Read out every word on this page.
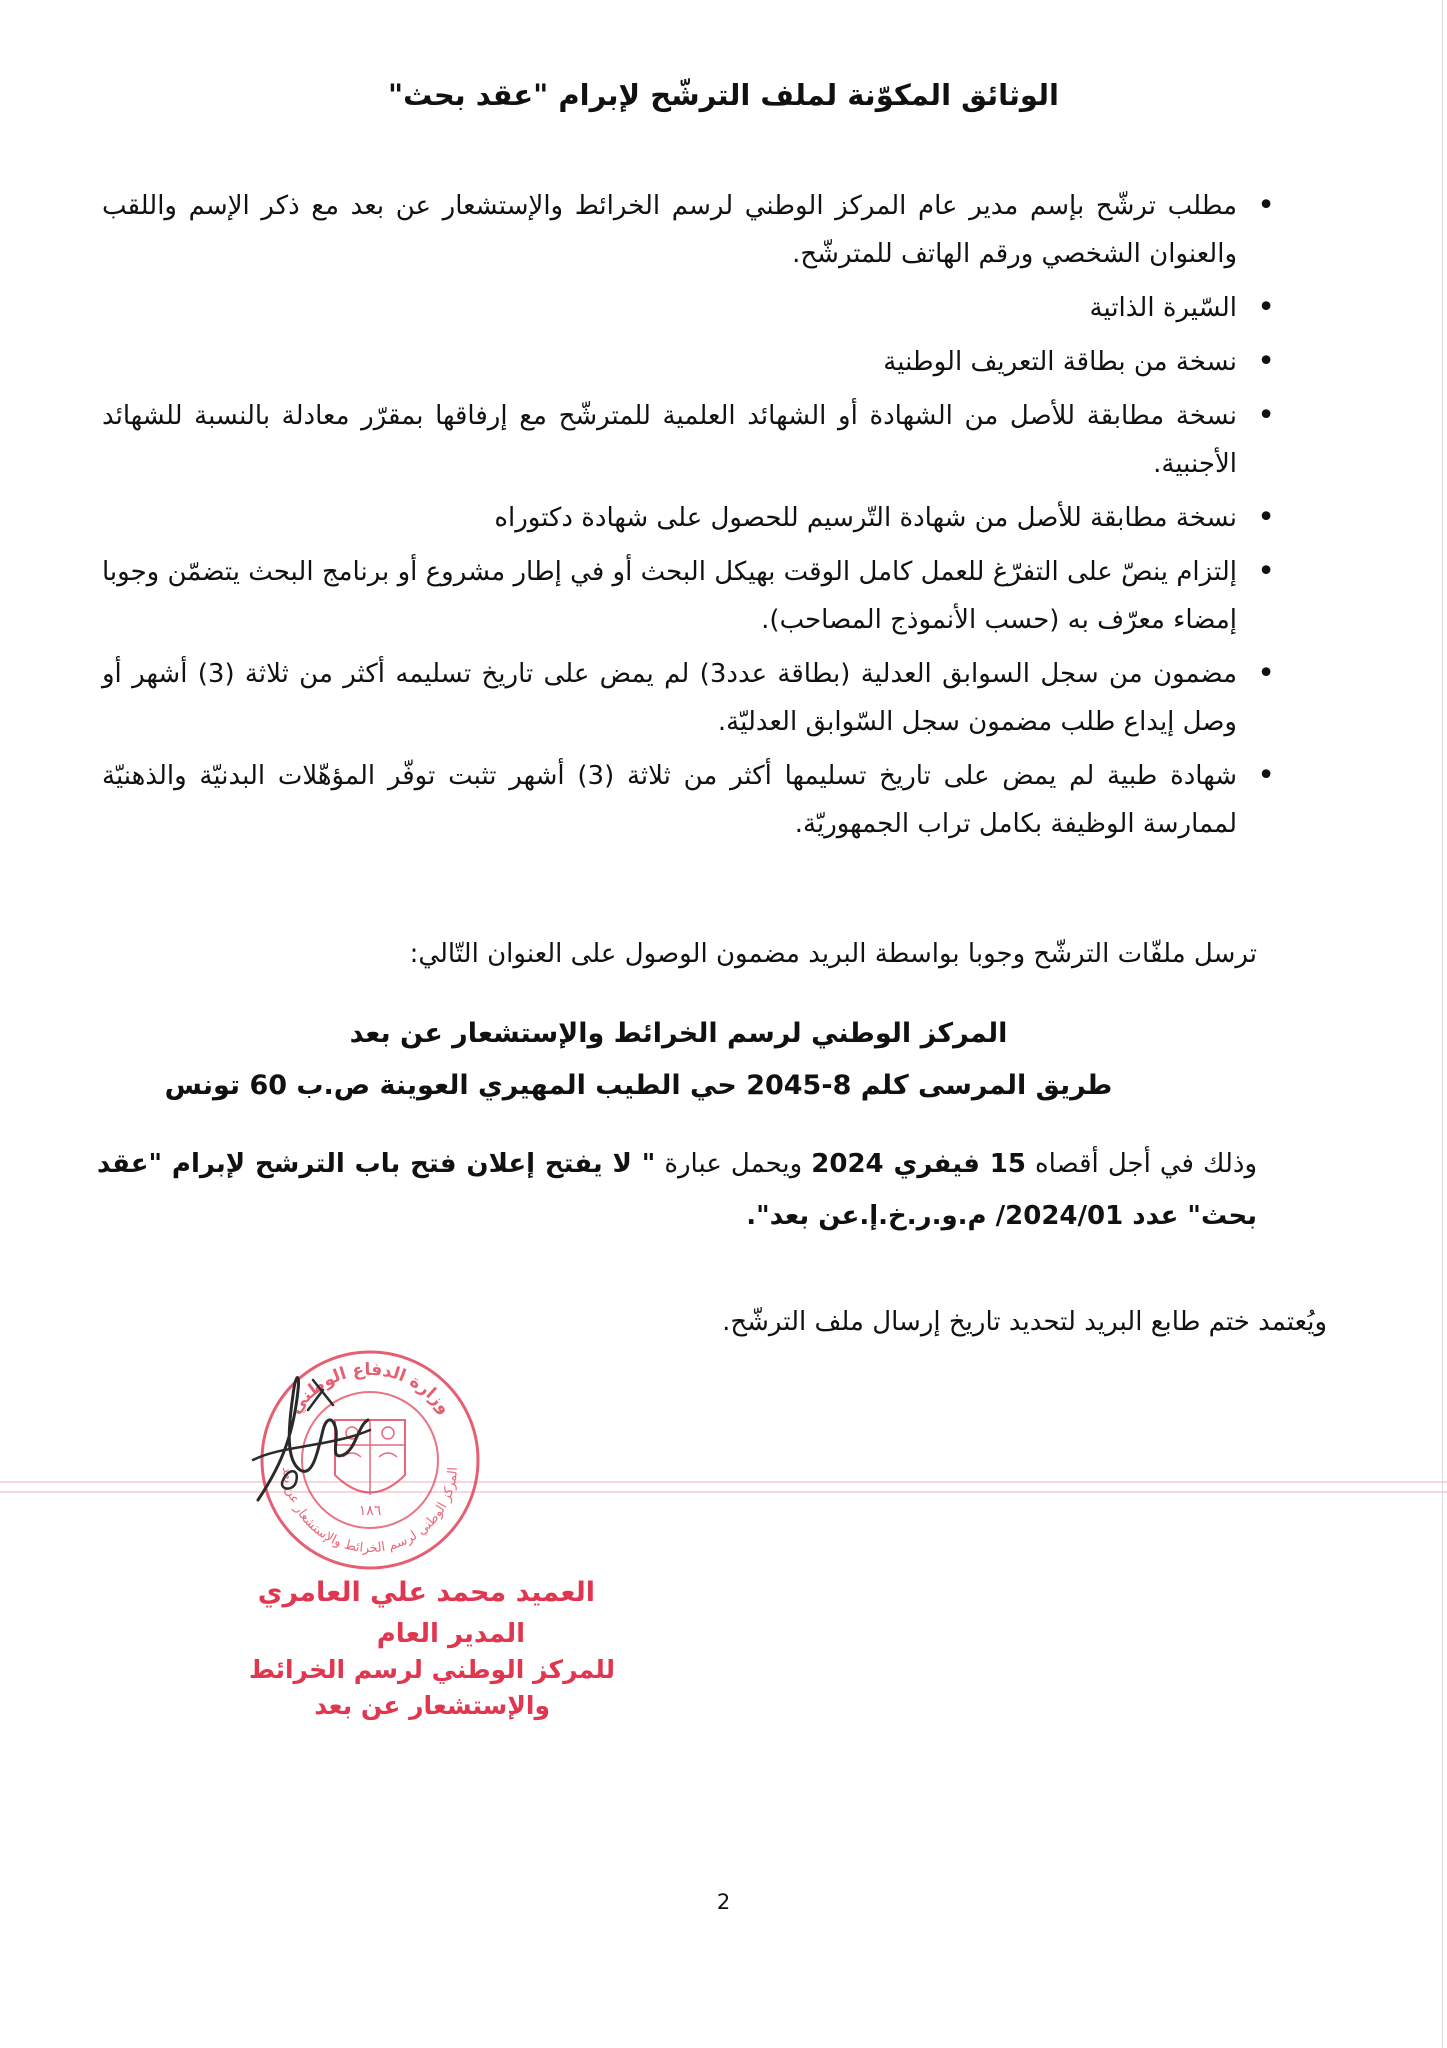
الوثائق المكوّنة لملف الترشّح لإبرام "عقد بحث"
•
مطلب ترشّح بإسم مدير عام المركز الوطني لرسم الخرائط والإستشعار عن بعد مع ذكر الإسم واللقب والعنوان الشخصي ورقم الهاتف للمترشّح.
•
السّيرة الذاتية
•
نسخة من بطاقة التعريف الوطنية
•
نسخة مطابقة للأصل من الشهادة أو الشهائد العلمية للمترشّح مع إرفاقها بمقرّر معادلة بالنسبة للشهائد الأجنبية.
•
نسخة مطابقة للأصل من شهادة التّرسيم للحصول على شهادة دكتوراه
•
إلتزام ينصّ على التفرّغ للعمل كامل الوقت بهيكل البحث أو في إطار مشروع أو برنامج البحث يتضمّن وجوبا إمضاء معرّف به (حسب الأنموذج المصاحب).
•
مضمون من سجل السوابق العدلية (بطاقة عدد3) لم يمض على تاريخ تسليمه أكثر من ثلاثة (3) أشهر أو وصل إيداع طلب مضمون سجل السّوابق العدليّة.
•
شهادة طبية لم يمض على تاريخ تسليمها أكثر من ثلاثة (3) أشهر تثبت توفّر المؤهّلات البدنيّة والذهنيّة لممارسة الوظيفة بكامل تراب الجمهوريّة.

ترسل ملفّات الترشّح وجوبا بواسطة البريد مضمون الوصول على العنوان التّالي:

المركز الوطني لرسم الخرائط والإستشعار عن بعد

طريق المرسى كلم 8-2045 حي الطيب المهيري العوينة ص.ب 60 تونس

وذلك في أجل أقصاه 15 فيفري 2024 ويحمل عبارة " لا يفتح إعلان فتح باب الترشح لإبرام "عقد بحث" عدد 2024/01/ م.و.ر.خ.إ.عن بعد".

ويُعتمد ختم طابع البريد لتحديد تاريخ إرسال ملف الترشّح.

وزارة الدفاع الوطني
المركز الوطني لرسم الخرائط والإستشعار عن بعد
١٨٦

العميد محمد علي العامري

المدير العام

للمركز الوطني لرسم الخرائط

والإستشعار عن بعد

2
